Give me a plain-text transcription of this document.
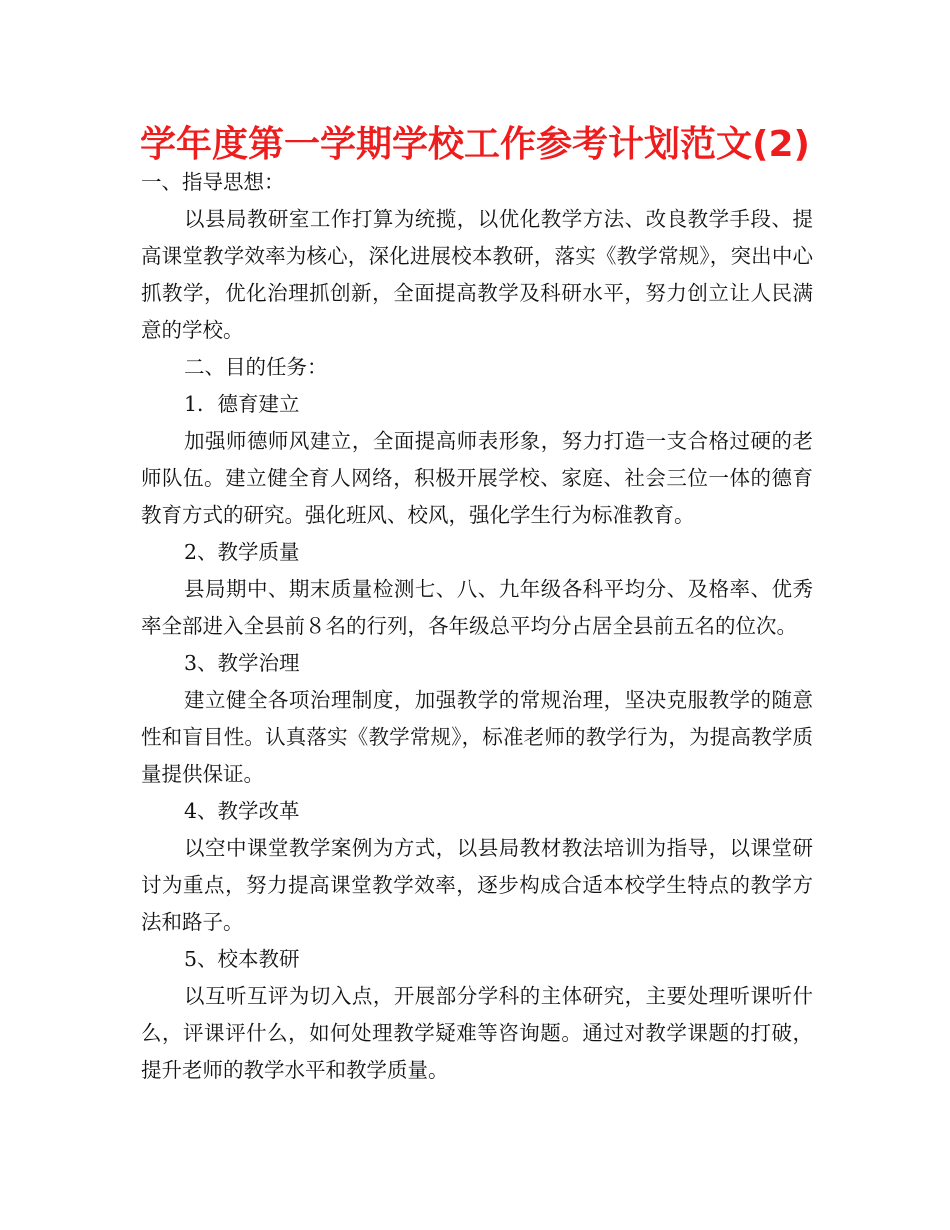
学年度第一学期学校工作参考计划范文(2)

一、指导思想：

以县局教研室工作打算为统揽，以优化教学方法、改良教学手段、提高课堂教学效率为核心，深化进展校本教研，落实《教学常规》，突出中心抓教学，优化治理抓创新，全面提高教学及科研水平，努力创立让人民满意的学校。

二、目的任务：

1．德育建立

加强师德师风建立，全面提高师表形象，努力打造一支合格过硬的老师队伍。建立健全育人网络，积极开展学校、家庭、社会三位一体的德育教育方式的研究。强化班风、校风，强化学生行为标准教育。

2、教学质量

县局期中、期末质量检测七、八、九年级各科平均分、及格率、优秀率全部进入全县前８名的行列，各年级总平均分占居全县前五名的位次。

3、教学治理

建立健全各项治理制度，加强教学的常规治理，坚决克服教学的随意性和盲目性。认真落实《教学常规》，标准老师的教学行为，为提高教学质量提供保证。

4、教学改革

以空中课堂教学案例为方式，以县局教材教法培训为指导，以课堂研讨为重点，努力提高课堂教学效率，逐步构成合适本校学生特点的教学方法和路子。

5、校本教研

以互听互评为切入点，开展部分学科的主体研究，主要处理听课听什么，评课评什么，如何处理教学疑难等咨询题。通过对教学课题的打破，提升老师的教学水平和教学质量。
